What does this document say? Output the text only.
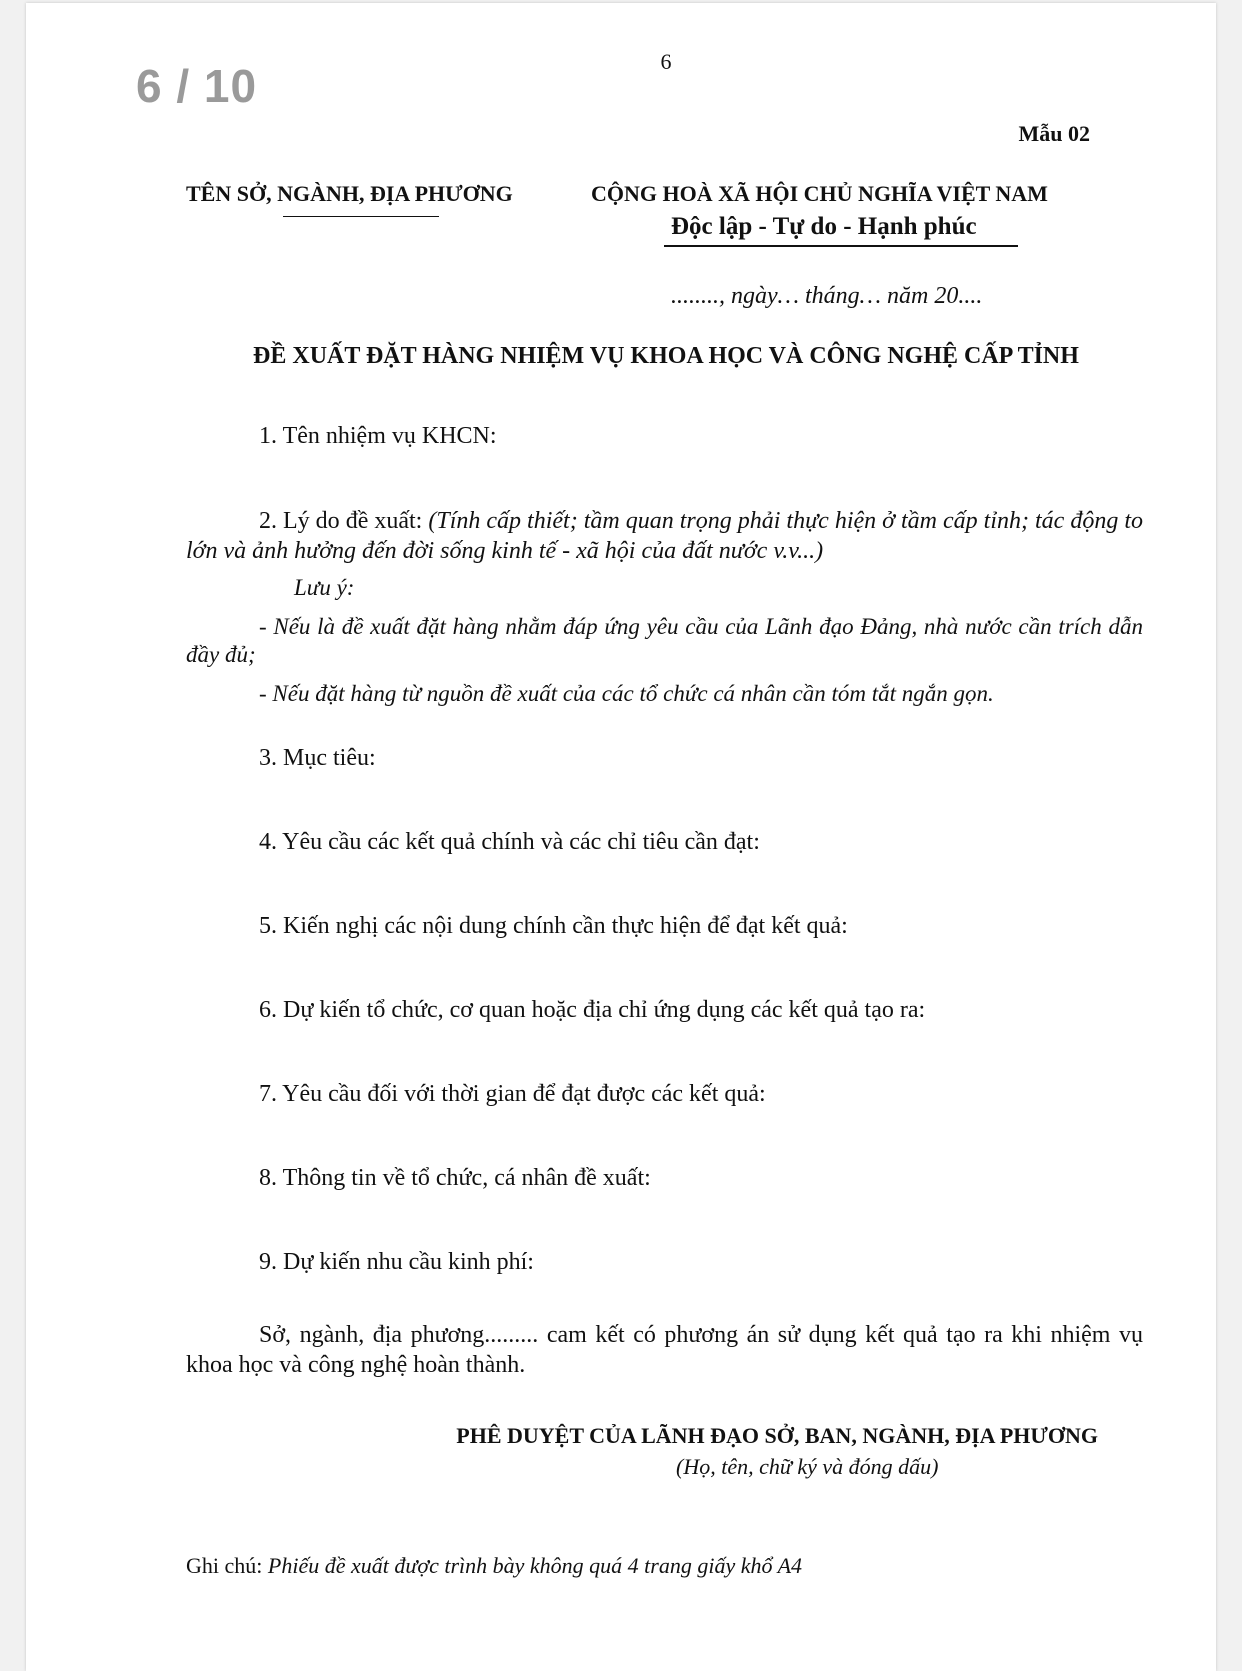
6 / 10	6
Mẫu 02
TÊN SỞ, NGÀNH, ĐỊA PHƯƠNG	CỘNG HOÀ XÃ HỘI CHỦ NGHĨA VIỆT NAM
Độc lập - Tự do - Hạnh phúc
........, ngày… tháng… năm 20....
ĐỀ XUẤT ĐẶT HÀNG NHIỆM VỤ KHOA HỌC VÀ CÔNG NGHỆ CẤP TỈNH
1. Tên nhiệm vụ KHCN:
2. Lý do đề xuất: (Tính cấp thiết; tầm quan trọng phải thực hiện ở tầm cấp tỉnh; tác động to lớn và ảnh hưởng đến đời sống kinh tế - xã hội của đất nước v.v...)
Lưu ý:
- Nếu là đề xuất đặt hàng nhằm đáp ứng yêu cầu của Lãnh đạo Đảng, nhà nước cần trích dẫn đầy đủ;
- Nếu đặt hàng từ nguồn đề xuất của các tổ chức cá nhân cần tóm tắt ngắn gọn.
3. Mục tiêu:
4. Yêu cầu các kết quả chính và các chỉ tiêu cần đạt:
5. Kiến nghị các nội dung chính cần thực hiện để đạt kết quả:
6. Dự kiến tổ chức, cơ quan hoặc địa chỉ ứng dụng các kết quả tạo ra:
7. Yêu cầu đối với thời gian để đạt được các kết quả:
8. Thông tin về tổ chức, cá nhân đề xuất:
9. Dự kiến nhu cầu kinh phí:
Sở, ngành, địa phương......... cam kết có phương án sử dụng kết quả tạo ra khi nhiệm vụ khoa học và công nghệ hoàn thành.
PHÊ DUYỆT CỦA LÃNH ĐẠO SỞ, BAN, NGÀNH, ĐỊA PHƯƠNG
(Họ, tên, chữ ký và đóng dấu)
Ghi chú: Phiếu đề xuất được trình bày không quá 4 trang giấy khổ A4
